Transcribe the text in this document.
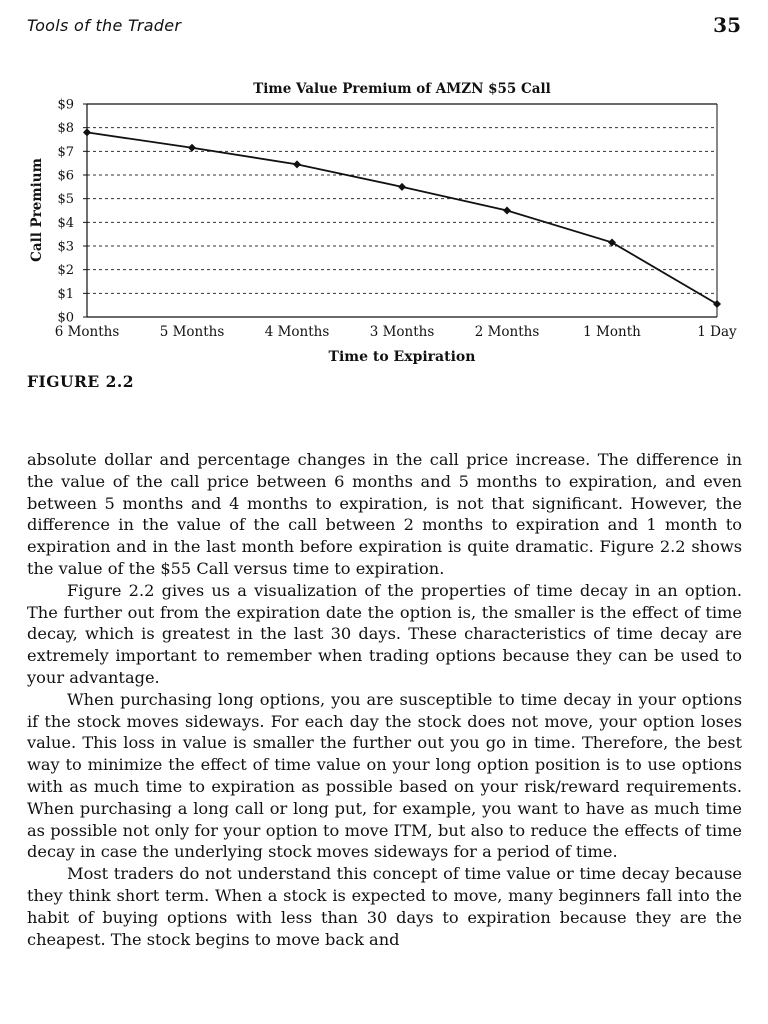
Tools of the Trader	35
Time Value Premium of AMZN $55 Call
$0
$1
$2
$3
$4
$5
$6
$7
$8
$9
6 Months	5 Months	4 Months	3 Months	2 Months	1 Month	1 Day
Time to Expiration
Call Premium
FIGURE 2.2

absolute dollar and percentage changes in the call price increase. The difference in the value of the call price between 6 months and 5 months to expiration, and even between 5 months and 4 months to expiration, is not that significant. However, the difference in the value of the call between 2 months to expiration and 1 month to expiration and in the last month before expiration is quite dramatic. Figure 2.2 shows the value of the $55 Call versus time to expiration.

Figure 2.2 gives us a visualization of the properties of time decay in an option. The further out from the expiration date the option is, the smaller is the effect of time decay, which is greatest in the last 30 days. These characteristics of time decay are extremely important to remember when trading options because they can be used to your advantage.

When purchasing long options, you are susceptible to time decay in your options if the stock moves sideways. For each day the stock does not move, your option loses value. This loss in value is smaller the further out you go in time. Therefore, the best way to minimize the effect of time value on your long option position is to use options with as much time to expiration as possible based on your risk/reward requirements. When purchasing a long call or long put, for example, you want to have as much time as possible not only for your option to move ITM, but also to reduce the effects of time decay in case the underlying stock moves sideways for a period of time.

Most traders do not understand this concept of time value or time decay because they think short term. When a stock is expected to move, many beginners fall into the habit of buying options with less than 30 days to expiration because they are the cheapest. The stock begins to move back and
